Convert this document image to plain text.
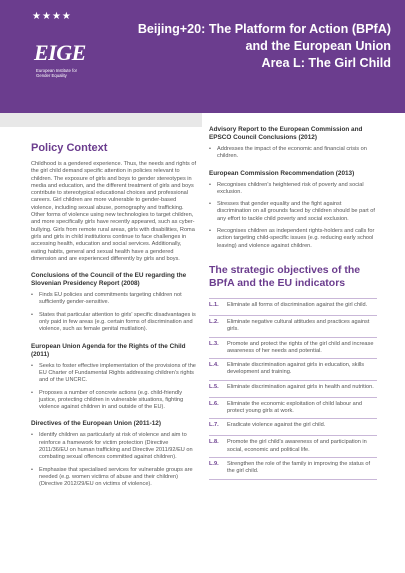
★★★★
EIGE
European Institute for Gender Equality
Beijing+20: The Platform for Action (BPfA)
and the European Union
Area L: The Girl Child
Policy Context
Childhood is a gendered experience. Thus, the needs and rights of the girl child demand specific attention in policies relevant to children. The exposure of girls and boys to gender stereotypes in media and education, and the different treatment of girls and boys contribute to stereotypical educational choices and professional careers. Girl children are more vulnerable to gender-based violence, including sexual abuse, pornography and trafficking. Other forms of violence using new technologies to target children, and more specifically girls have recently appeared, such as cyber-bullying. Girls from remote rural areas, girls with disabilities, Roma girls and girls in child institutions continue to face challenges in accessing health, education and social services. Additionally, eating habits, general and sexual health have a gendered dimension and are experienced differently by girls and boys.
Conclusions of the Council of the EU regarding the Slovenian Presidency Report (2008)
• Finds EU policies and commitments targeting children not sufficiently gender-sensitive.
• States that particular attention to girls' specific disadvantages is only paid in few areas (e.g. certain forms of discrimination and violence, such as female genital mutilation).
European Union Agenda for the Rights of the Child (2011)
• Seeks to foster effective implementation of the provisions of the EU Charter of Fundamental Rights addressing children's rights and of the UNCRC.
• Proposes a number of concrete actions (e.g. child-friendly justice, protecting children in vulnerable situations, fighting violence against children in and outside of the EU).
Directives of the European Union (2011-12)
• Identify children as particularly at risk of violence and aim to reinforce a framework for victim protection (Directive 2011/36/EU on human trafficking and Directive 2011/92/EU on combating sexual offences committed against children).
• Emphasise that specialised services for vulnerable groups are needed (e.g. women victims of abuse and their children) (Directive 2012/29/EU on victims of violence).
Advisory Report to the European Commission and EPSCO Council Conclusions (2012)
• Addresses the impact of the economic and financial crisis on children.
European Commission Recommendation (2013)
• Recognises children's heightened risk of poverty and social exclusion.
• Stresses that gender equality and the fight against discrimination on all grounds faced by children should be part of any effort to tackle child poverty and social exclusion.
• Recognises children as independent rights-holders and calls for action targeting child-specific issues (e.g. reducing early school leaving) and violence against children.
The strategic objectives of the BPfA and the EU indicators
L.1.	Eliminate all forms of discrimination against the girl child.
L.2.	Eliminate negative cultural attitudes and practices against girls.
L.3.	Promote and protect the rights of the girl child and increase awareness of her needs and potential.
L.4.	Eliminate discrimination against girls in education, skills development and training.
L.5.	Eliminate discrimination against girls in health and nutrition.
L.6.	Eliminate the economic exploitation of child labour and protect young girls at work.
L.7.	Eradicate violence against the girl child.
L.8.	Promote the girl child's awareness of and participation in social, economic and political life.
L.9.	Strengthen the role of the family in improving the status of the girl child.
